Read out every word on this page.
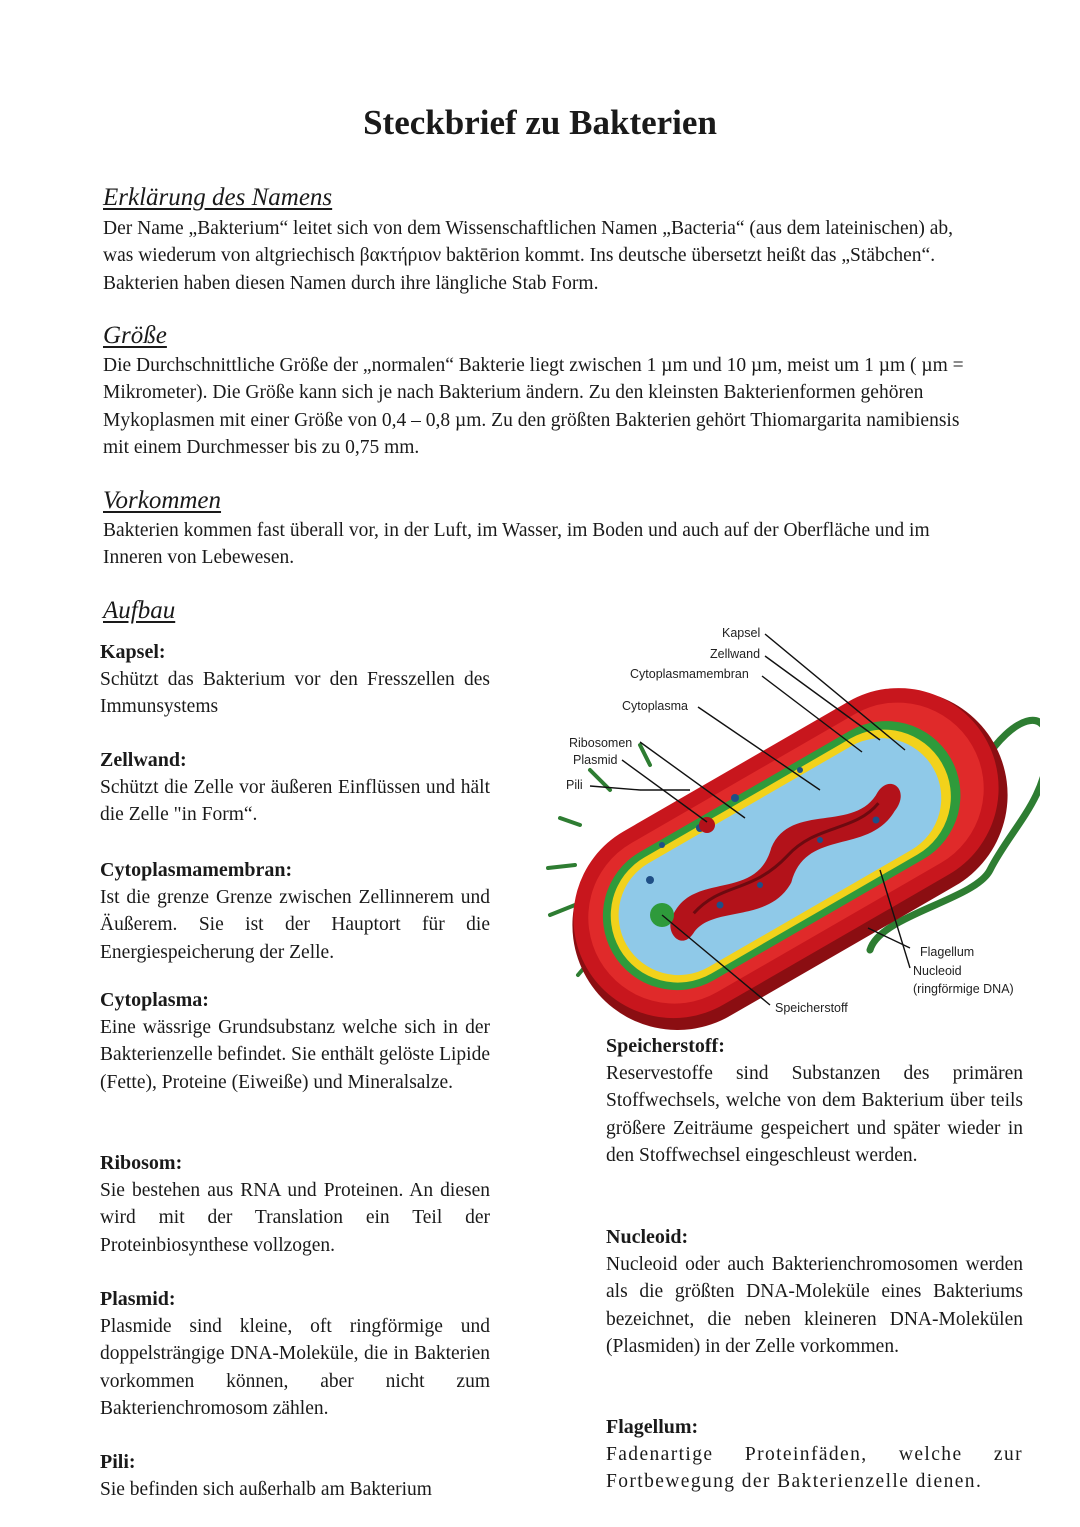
Steckbrief zu Bakterien
Erklärung des Namens

Der Name „Bakterium“ leitet sich von dem Wissenschaftlichen Namen „Bacteria“ (aus dem lateinischen) ab, was wiederum von altgriechisch βακτήριον baktērion kommt. Ins deutsche übersetzt heißt das „Stäbchen“. Bakterien haben diesen Namen durch ihre längliche Stab Form.

Größe

Die Durchschnittliche Größe der „normalen“ Bakterie liegt zwischen 1 µm und 10 µm, meist um 1 µm ( µm = Mikrometer). Die Größe kann sich je nach Bakterium ändern. Zu den kleinsten Bakterienformen gehören Mykoplasmen mit einer Größe von 0,4 – 0,8 µm. Zu den größten Bakterien gehört Thiomargarita namibiensis mit einem Durchmesser bis zu 0,75 mm.

Vorkommen

Bakterien kommen fast überall vor, in der Luft, im Wasser, im Boden und auch auf der Oberfläche und im Inneren von Lebewesen.

Aufbau
Kapsel:
Schützt das Bakterium vor den Fresszellen des Immunsystems
Zellwand:
Schützt die Zelle vor äußeren Einflüssen und hält die Zelle "in Form“.
Cytoplasmamembran:
Ist die grenze Grenze zwischen Zellinnerem und Äußerem. Sie ist der Hauptort für die Energiespeicherung der Zelle.
Cytoplasma:
Eine wässrige Grundsubstanz welche sich in der Bakterienzelle befindet. Sie enthält gelöste Lipide (Fette), Proteine (Eiweiße) und Mineralsalze.
Ribosom:
Sie bestehen aus RNA und Proteinen. An diesen wird mit der Translation ein Teil der Proteinbiosynthese vollzogen.
Plasmid:
Plasmide sind kleine, oft ringförmige und doppelsträngige DNA-Moleküle, die in Bakterien vorkommen können, aber nicht zum Bakterienchromosom zählen.
Pili:
Sie befinden sich außerhalb am Bakterium
Speicherstoff:
Reservestoffe sind Substanzen des primären Stoffwechsels, welche von dem Bakterium über teils größere Zeiträume gespeichert und später wieder in den Stoffwechsel eingeschleust werden.
Nucleoid:
Nucleoid oder auch Bakterienchromosomen werden als die größten DNA-Moleküle eines Bakteriums bezeichnet, die neben kleineren DNA-Molekülen (Plasmiden) in der Zelle vorkommen.
Flagellum:
Fadenartige Proteinfäden, welche zur Fortbewegung der Bakterienzelle dienen.
Kapsel
Zellwand
Cytoplasmamembran
Cytoplasma
Ribosomen
Plasmid
Pili
Flagellum
Nucleoid
(ringförmige DNA)
Speicherstoff
